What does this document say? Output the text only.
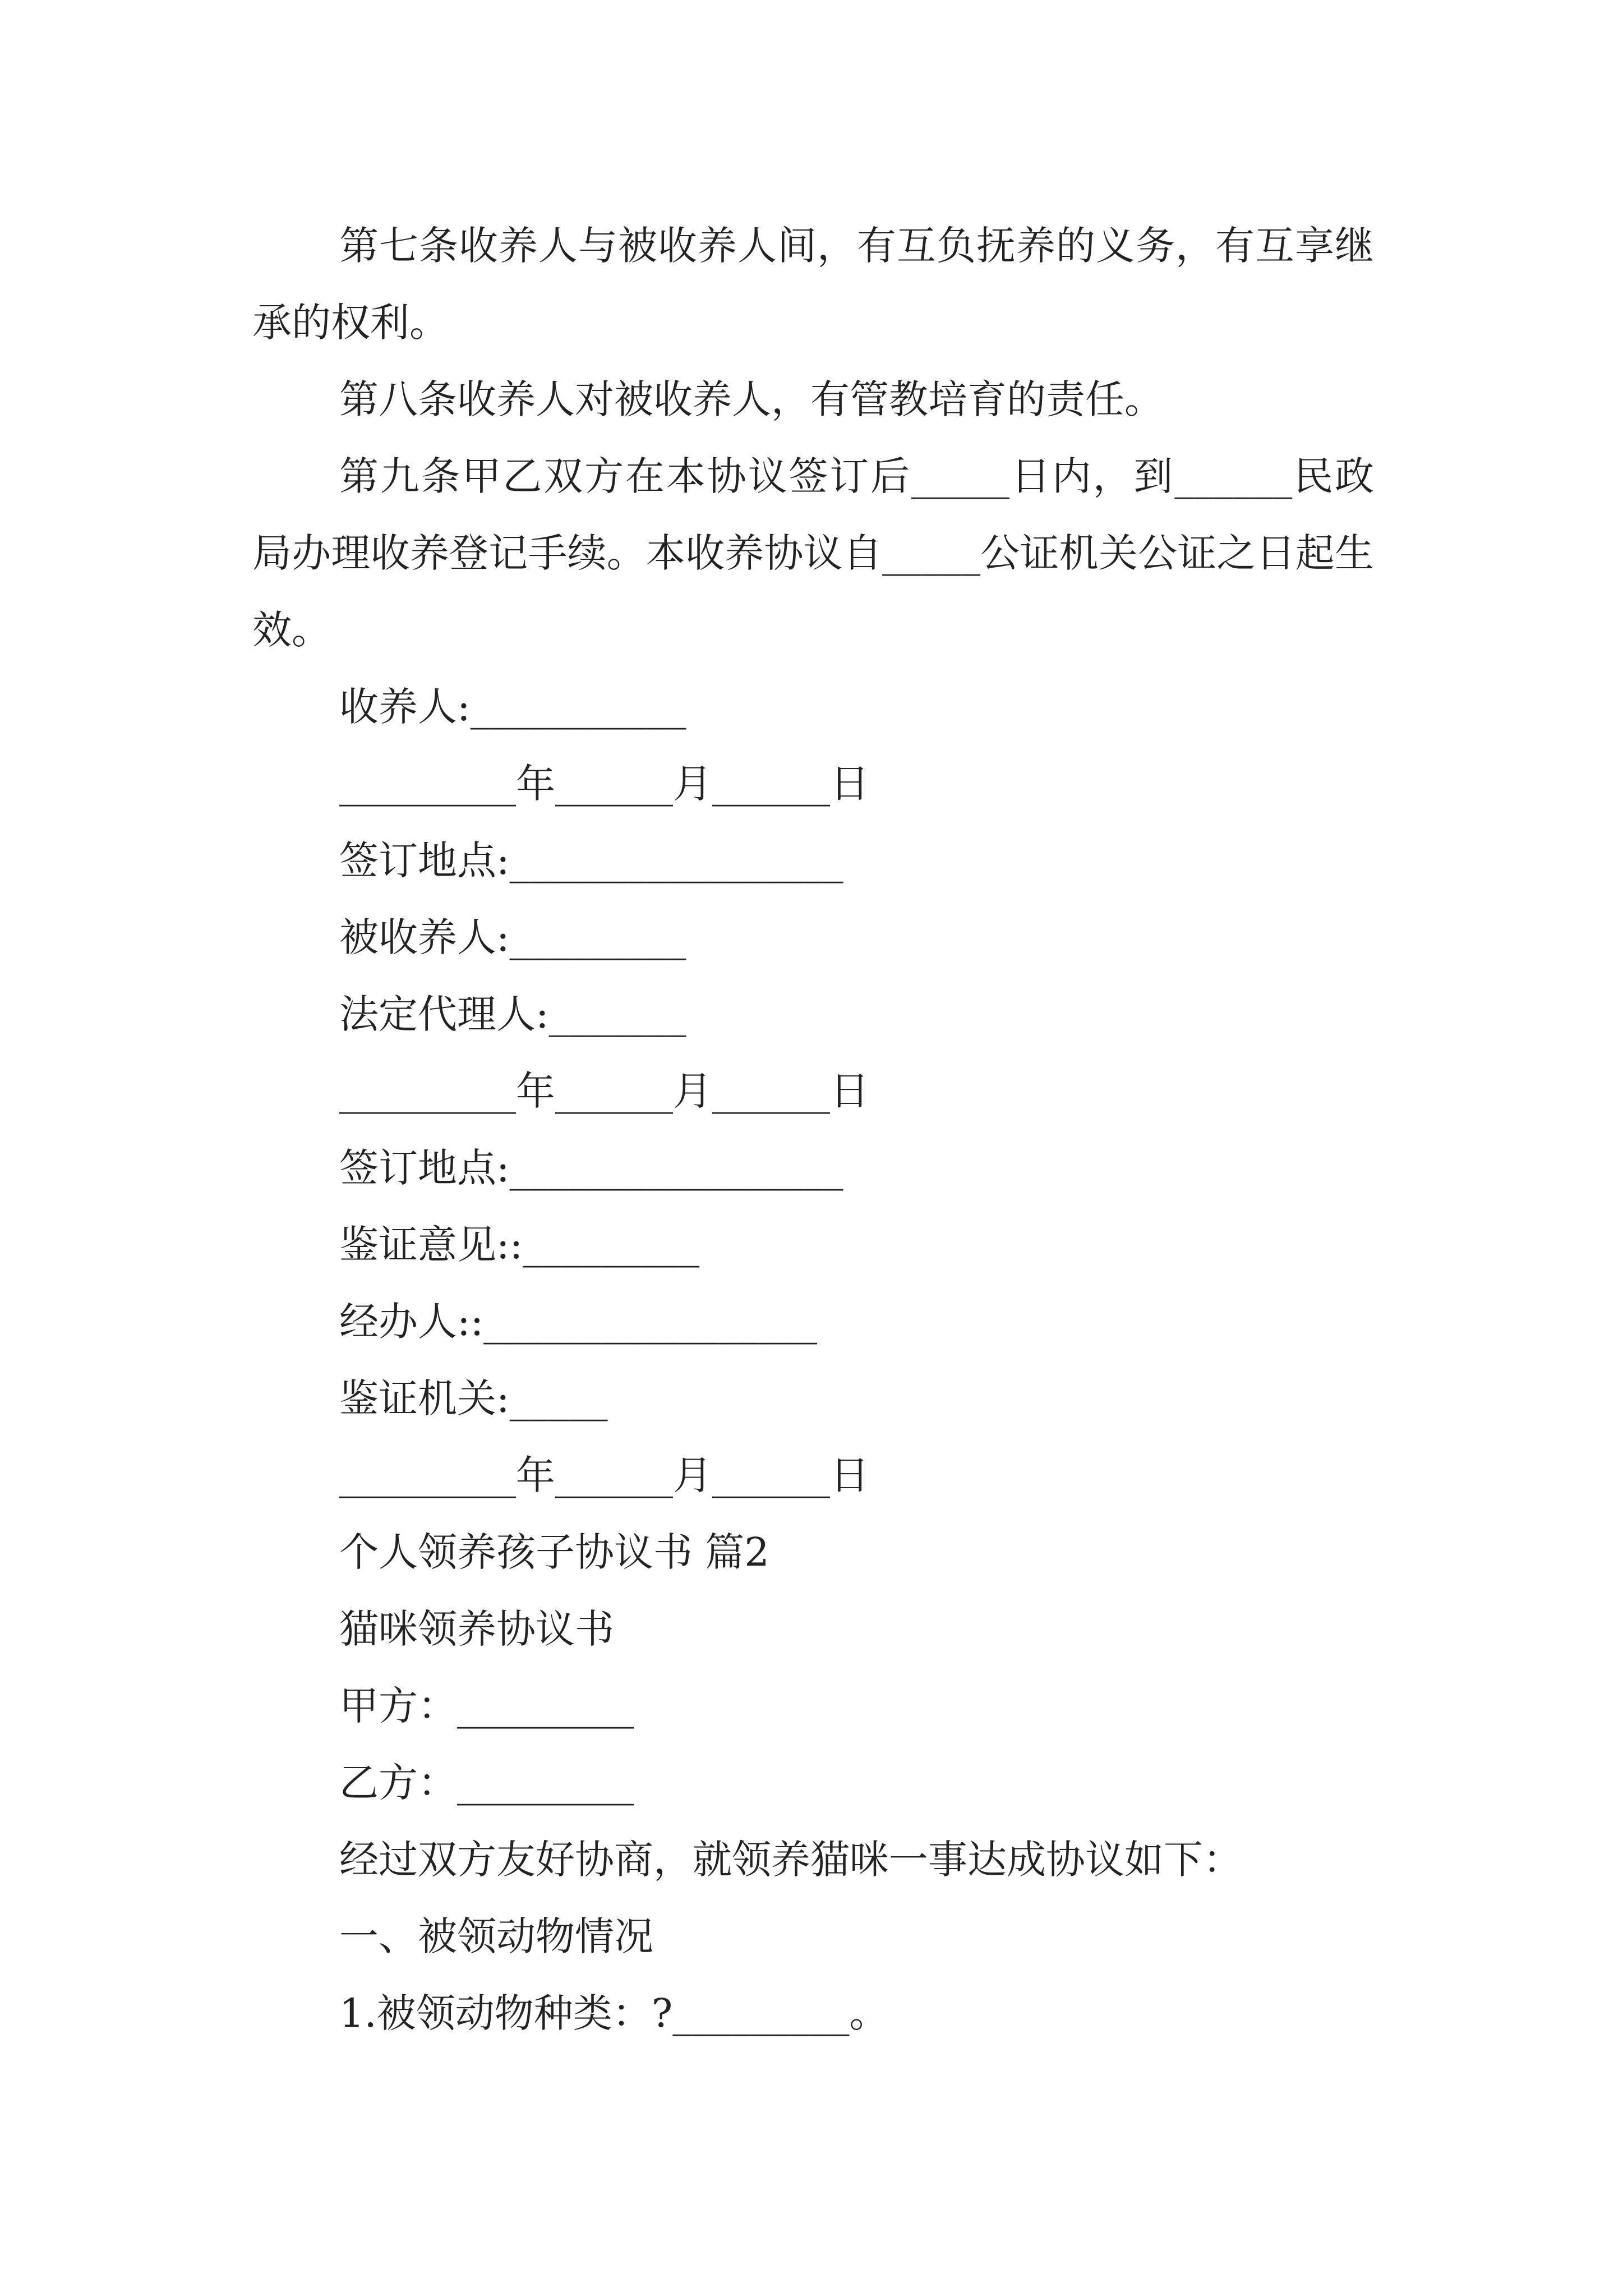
第七条收养人与被收养人间，有互负抚养的义务，有互享继承的权利。

第八条收养人对被收养人，有管教培育的责任。

第九条甲乙双方在本协议签订后_____日内，到______民政局办理收养登记手续。本收养协议自_____公证机关公证之日起生效。

收养人:___________

_________年______月______日

签订地点:_________________

被收养人:_________

法定代理人:_______

_________年______月______日

签订地点:_________________

鉴证意见::_________

经办人::_________________

鉴证机关:_____

_________年______月______日

个人领养孩子协议书 篇2

猫咪领养协议书

甲方：_________

乙方：_________

经过双方友好协商，就领养猫咪一事达成协议如下：

一、被领动物情况

1.被领动物种类：?_________。
